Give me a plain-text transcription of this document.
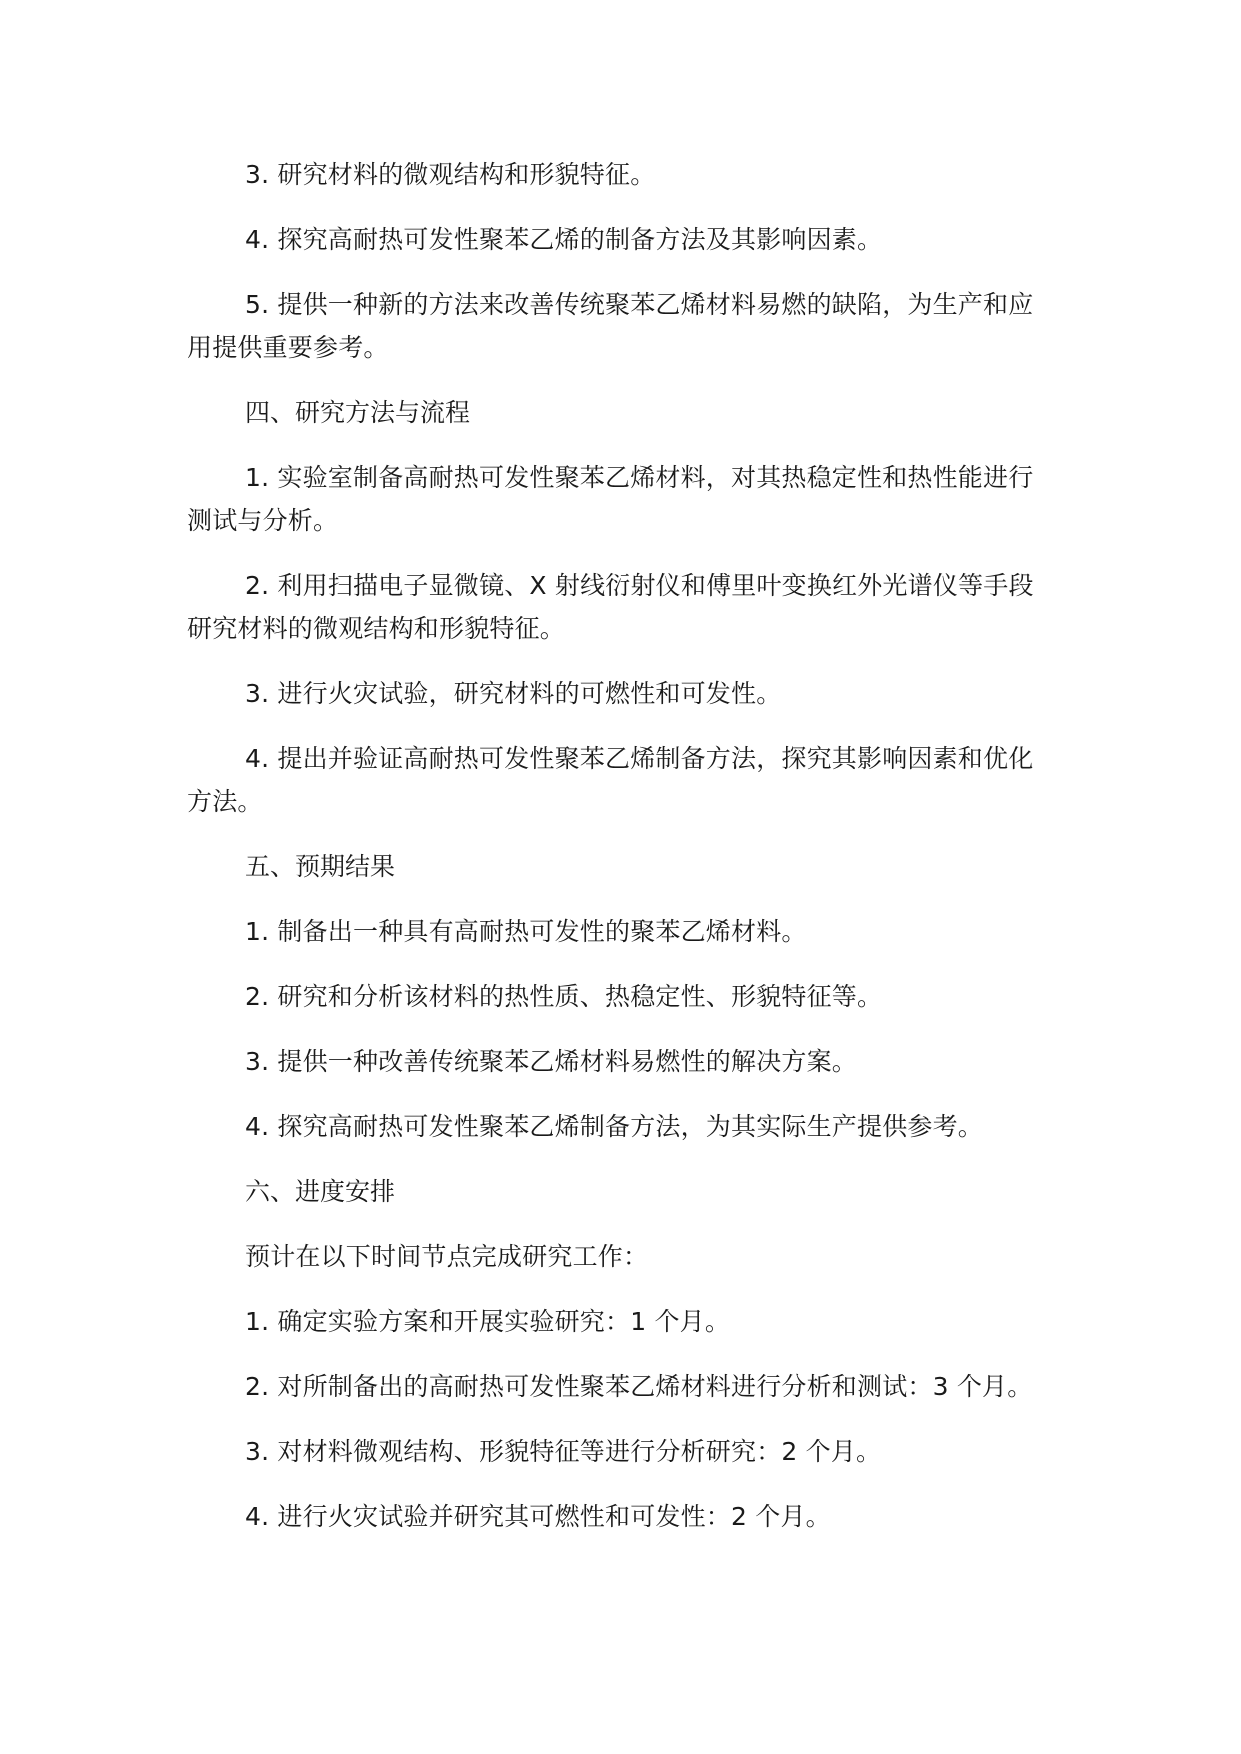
3. 研究材料的微观结构和形貌特征。

4. 探究高耐热可发性聚苯乙烯的制备方法及其影响因素。

5. 提供一种新的方法来改善传统聚苯乙烯材料易燃的缺陷，为生产和应用提供重要参考。

四、研究方法与流程

1. 实验室制备高耐热可发性聚苯乙烯材料，对其热稳定性和热性能进行测试与分析。

2. 利用扫描电子显微镜、X 射线衍射仪和傅里叶变换红外光谱仪等手段研究材料的微观结构和形貌特征。

3. 进行火灾试验，研究材料的可燃性和可发性。

4. 提出并验证高耐热可发性聚苯乙烯制备方法，探究其影响因素和优化方法。

五、预期结果

1. 制备出一种具有高耐热可发性的聚苯乙烯材料。

2. 研究和分析该材料的热性质、热稳定性、形貌特征等。

3. 提供一种改善传统聚苯乙烯材料易燃性的解决方案。

4. 探究高耐热可发性聚苯乙烯制备方法，为其实际生产提供参考。

六、进度安排

预计在以下时间节点完成研究工作：

1. 确定实验方案和开展实验研究：1 个月。

2. 对所制备出的高耐热可发性聚苯乙烯材料进行分析和测试：3 个月。

3. 对材料微观结构、形貌特征等进行分析研究：2 个月。

4. 进行火灾试验并研究其可燃性和可发性：2 个月。
